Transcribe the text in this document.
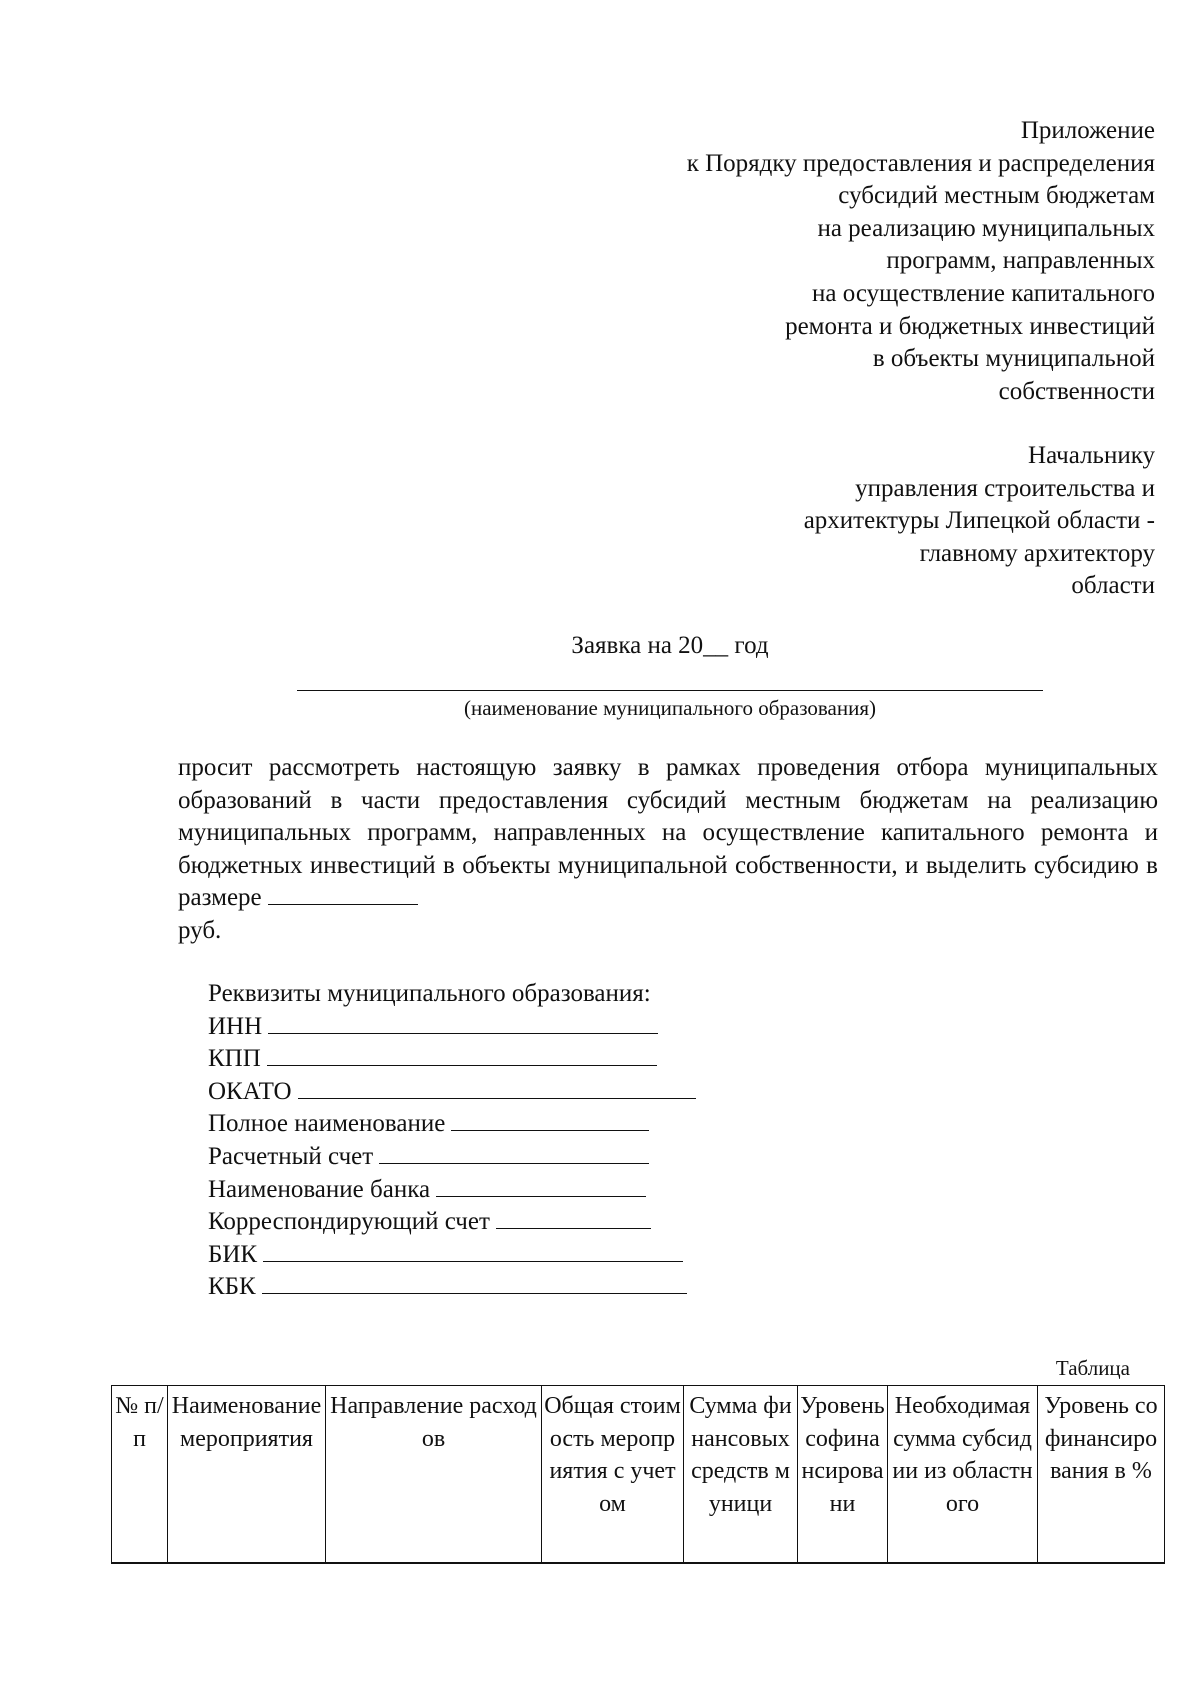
Приложение
к Порядку предоставления и распределения
субсидий местным бюджетам
на реализацию муниципальных
программ, направленных
на осуществление капитального
ремонта и бюджетных инвестиций
в объекты муниципальной
собственности
Начальнику
управления строительства и
архитектуры Липецкой области -
главному архитектору
области
Заявка на 20__ год
(наименование муниципального образования)
просит рассмотреть настоящую заявку в рамках проведения отбора муниципальных образований в части предоставления субсидий местным бюджетам на реализацию муниципальных программ, направленных на осуществление капитального ремонта и бюджетных инвестиций в объекты муниципальной собственности, и выделить субсидию в размере
руб.
Реквизиты муниципального образования:
ИНН
КПП
ОКАТО
Полное наименование
Расчетный счет
Наименование банка
Корреспондирующий счет
БИК
КБК
Таблица
№ п/п	Наименование мероприятия	Направление расходов	Общая стоимость мероприятия с учетом	Сумма финансовых средств муници	Уровень софинансировани	Необходимая сумма субсидии из областного	Уровень софинансирования в %
